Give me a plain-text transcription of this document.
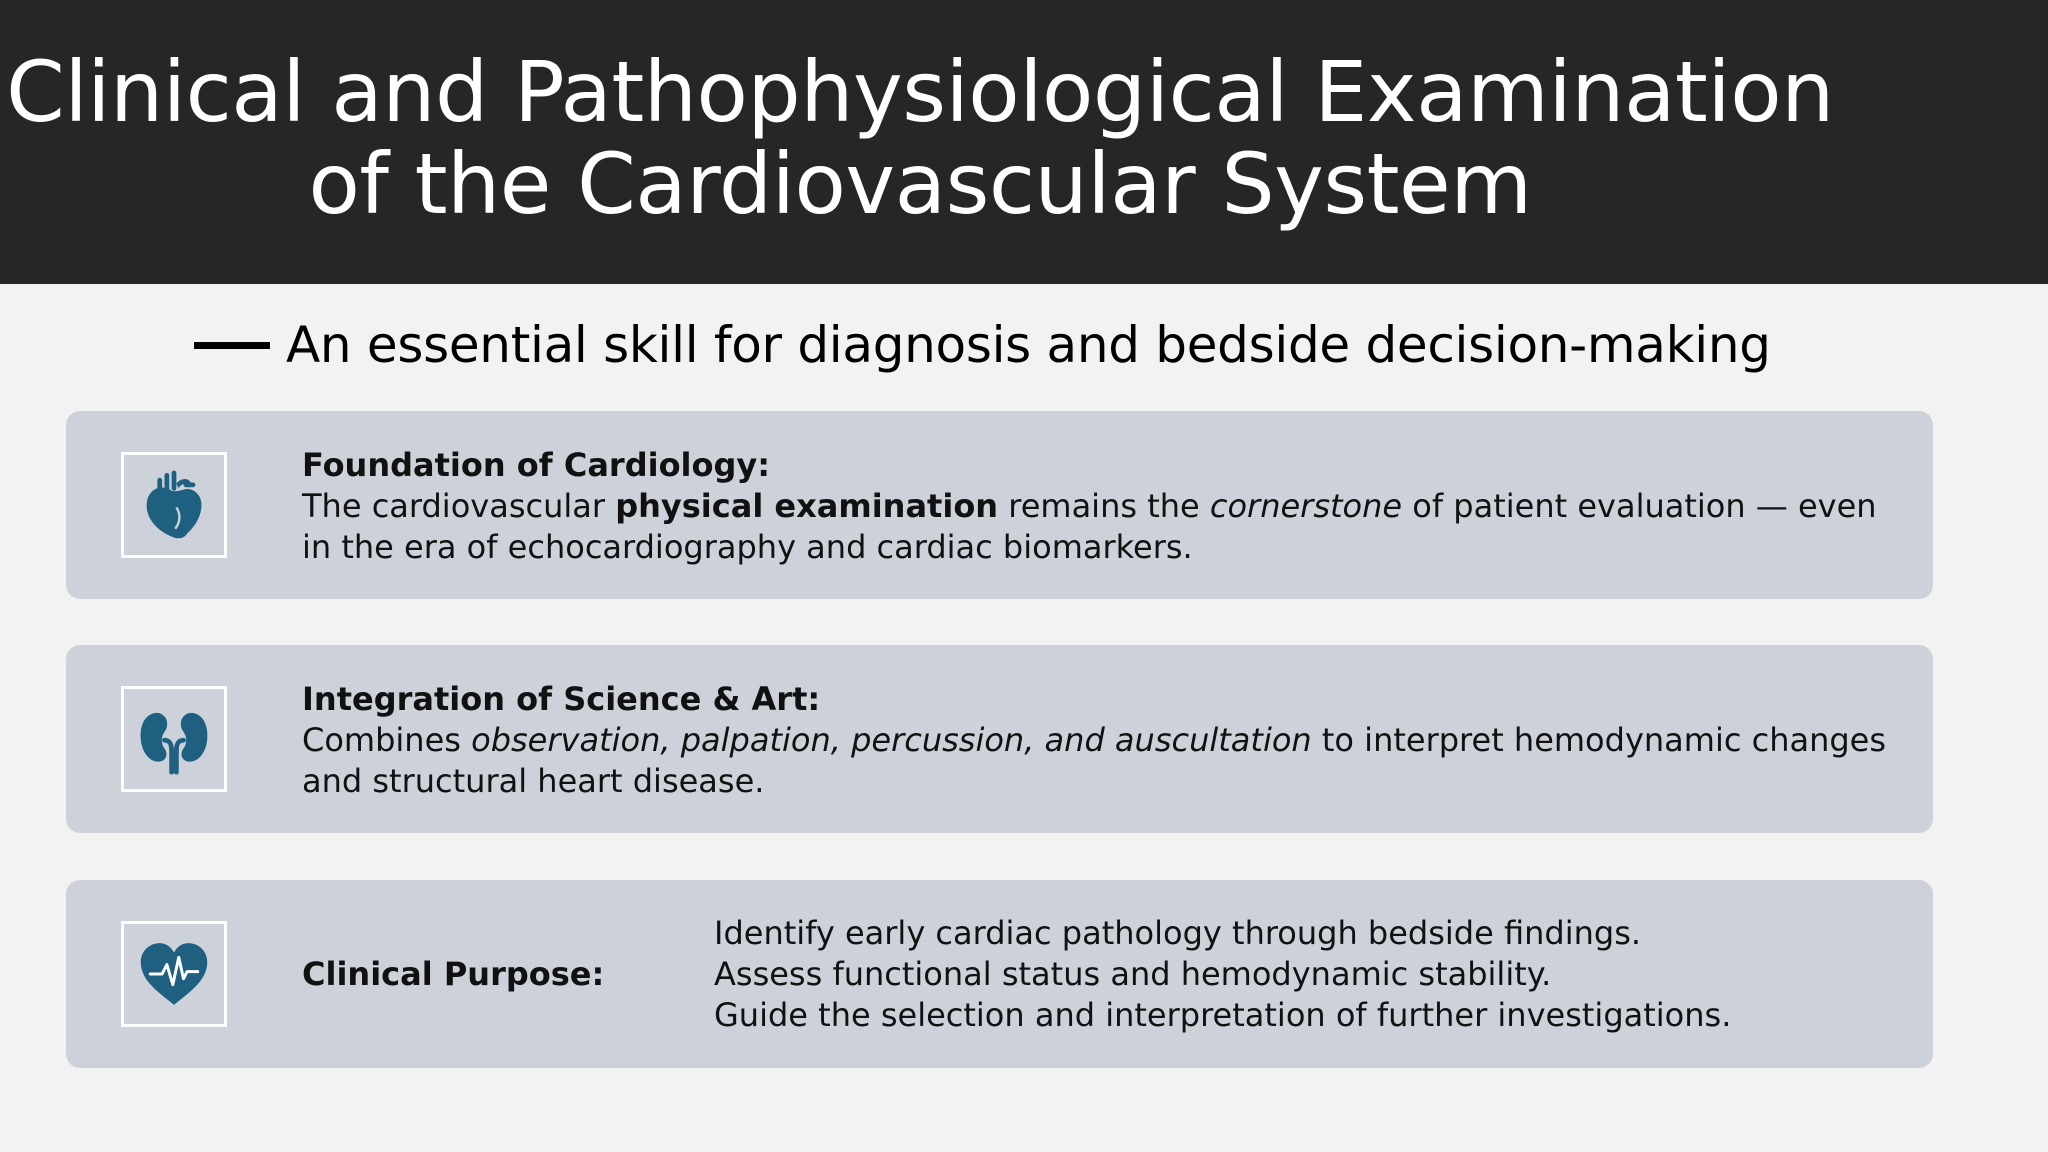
Clinical and Pathophysiological Examination of the Cardiovascular System
An essential skill for diagnosis and bedside decision-making
Foundation of Cardiology:
The cardiovascular physical examination remains the cornerstone of patient evaluation — even in the era of echocardiography and cardiac biomarkers.
Integration of Science & Art:
Combines observation, palpation, percussion, and auscultation to interpret hemodynamic changes and structural heart disease.
Clinical Purpose:
Identify early cardiac pathology through bedside findings.
Assess functional status and hemodynamic stability.
Guide the selection and interpretation of further investigations.
